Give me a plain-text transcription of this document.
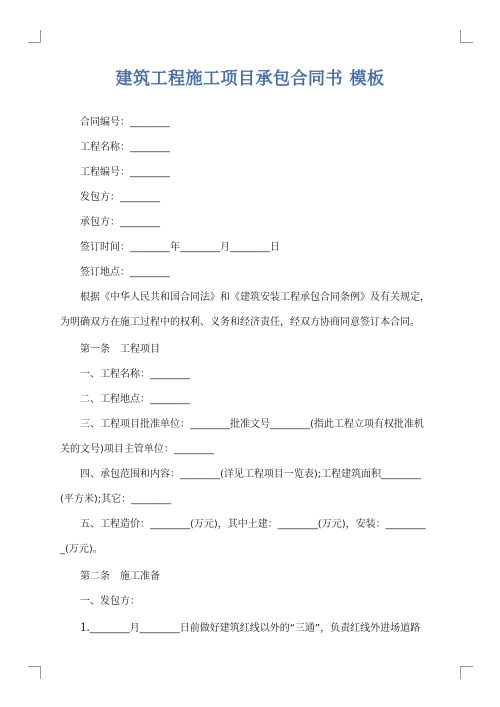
建筑工程施工项目承包合同书 模板
合同编号：________
工程名称：________
工程编号：________
发包方：________
承包方：________
签订时间：________年________月________日
签订地点：________
根据《中华人民共和国合同法》和《建筑安装工程承包合同条例》及有关规定，
为明确双方在施工过程中的权利、义务和经济责任，经双方协商同意签订本合同。
第一条　工程项目
一、工程名称：________
二、工程地点：________
三、工程项目批准单位：________批准文号________(指此工程立项有权批准机
关的文号)项目主管单位：________
四、承包范围和内容：________(详见工程项目一览表);工程建筑面积________
(平方米);其它：________
五、工程造价：________(万元)，其中土建：________(万元)，安装：________
_(万元)。
第二条　施工准备
一、发包方：
1.________月________日前做好建筑红线以外的“三通”，负责红线外进场道路
